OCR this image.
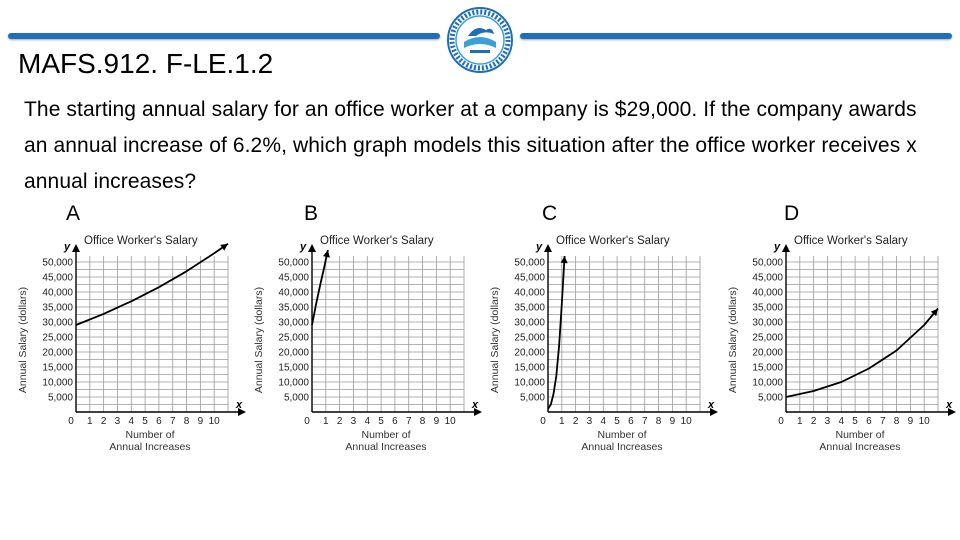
MAFS.912. F-LE.1.2

The starting annual salary for an office worker at a company is $29,000. If the company awards an annual increase of 6.2%, which graph models this situation after the office worker receives x annual increases?

A	B	C	D
x
y Office Worker's Salary
0 1 2 3 4 5 6 7 8 9 10
5,000
10,000
15,000
20,000
25,000
30,000
35,000
40,000
45,000
50,000
Number of
Annual Increases
Annual Salary (dollars)
x
y Office Worker's Salary
0 1 2 3 4 5 6 7 8 9 10
5,000
10,000
15,000
20,000
25,000
30,000
35,000
40,000
45,000
50,000
Number of
Annual Increases
Annual Salary (dollars)
x
y Office Worker's Salary
0 1 2 3 4 5 6 7 8 9 10
5,000
10,000
15,000
20,000
25,000
30,000
35,000
40,000
45,000
50,000
Number of
Annual Increases
Annual Salary (dollars)
x
y Office Worker's Salary
0 1 2 3 4 5 6 7 8 9 10
5,000
10,000
15,000
20,000
25,000
30,000
35,000
40,000
45,000
50,000
Number of
Annual Increases
Annual Salary (dollars)
